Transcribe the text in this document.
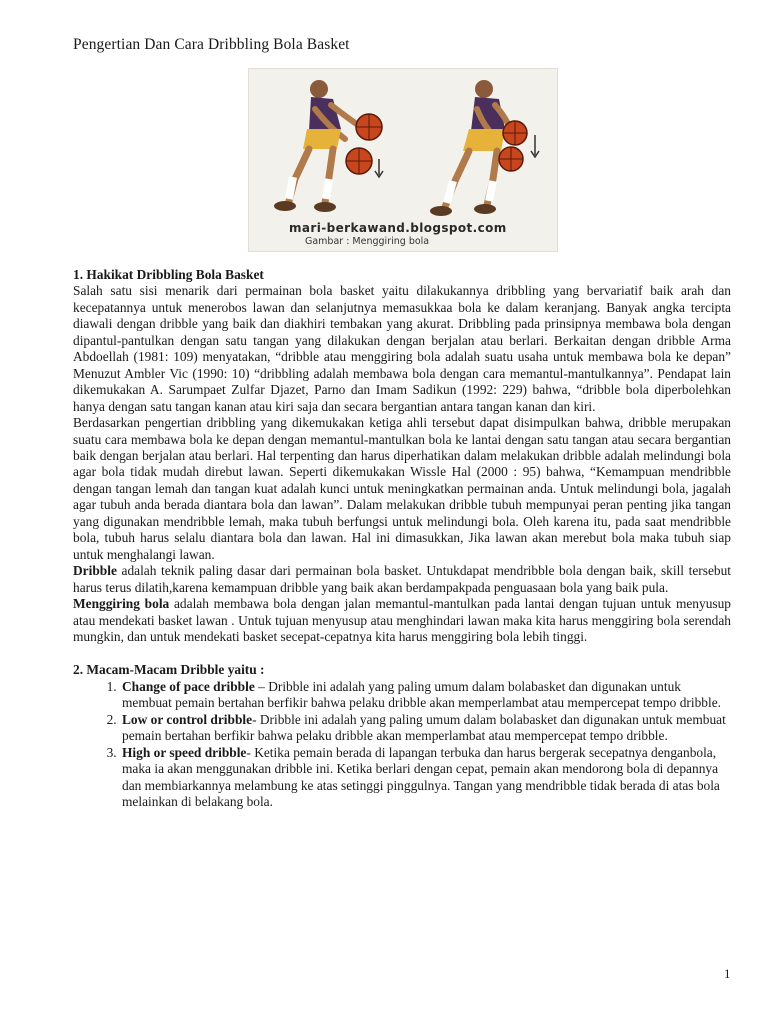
Pengertian Dan Cara Dribbling Bola Basket
mari-berkawand.blogspot.com
Gambar : Menggiring bola
1. Hakikat Dribbling Bola Basket

Salah satu sisi menarik dari permainan bola basket yaitu dilakukannya dribbling yang bervariatif baik arah dan kecepatannya untuk menerobos lawan dan selanjutnya memasukkaa bola ke dalam keranjang. Banyak angka tercipta diawali dengan dribble yang baik dan diakhiri tembakan yang akurat. Dribbling pada prinsipnya membawa bola dengan dipantul-pantulkan dengan satu tangan yang dilakukan dengan berjalan atau berlari. Berkaitan dengan dribble Arma Abdoellah (1981: 109) menyatakan, “dribble atau menggiring bola adalah suatu usaha untuk membawa bola ke depan” Menuzut Ambler Vic (1990: 10) “dribbling adalah membawa bola dengan cara memantul-mantulkannya”. Pendapat lain dikemukakan A. Sarumpaet Zulfar Djazet, Parno dan Imam Sadikun (1992: 229) bahwa, “dribble bola diperbolehkan hanya dengan satu tangan kanan atau kiri saja dan secara bergantian antara tangan kanan dan kiri.

Berdasarkan pengertian dribbling yang dikemukakan ketiga ahli tersebut dapat disimpulkan bahwa, dribble merupakan suatu cara membawa bola ke depan dengan memantul-mantulkan bola ke lantai dengan satu tangan atau secara bergantian baik dengan berjalan atau berlari. Hal terpenting dan harus diperhatikan dalam melakukan dribble adalah melindungi bola agar bola tidak mudah direbut lawan. Seperti dikemukakan Wissle Hal (2000 : 95) bahwa, “Kemampuan mendribble dengan tangan lemah dan tangan kuat adalah kunci untuk meningkatkan permainan anda. Untuk melindungi bola, jagalah agar tubuh anda berada diantara bola dan lawan”. Dalam melakukan dribble tubuh mempunyai peran penting jika tangan yang digunakan mendribble lemah, maka tubuh berfungsi untuk melindungi bola. Oleh karena itu, pada saat mendribble bola, tubuh harus selalu diantara bola dan lawan. Hal ini dimasukkan, Jika lawan akan merebut bola maka tubuh siap untuk menghalangi lawan.

Dribble adalah teknik paling dasar dari permainan bola basket. Untukdapat mendribble bola dengan baik, skill tersebut harus terus dilatih,karena kemampuan dribble yang baik akan berdampakpada penguasaan bola yang baik pula.

Menggiring bola adalah membawa bola dengan jalan memantul-mantulkan pada lantai dengan tujuan untuk menyusup atau mendekati basket lawan . Untuk tujuan menyusup atau menghindari lawan maka kita harus menggiring bola serendah mungkin, dan untuk mendekati basket secepat-cepatnya kita harus menggiring bola lebih tinggi.

2. Macam-Macam Dribble yaitu :
1. Change of pace dribble – Dribble ini adalah yang paling umum dalam bolabasket dan digunakan untuk membuat pemain bertahan berfikir bahwa pelaku dribble akan memperlambat atau mempercepat tempo dribble.
2. Low or control dribble- Dribble ini adalah yang paling umum dalam bolabasket dan digunakan untuk membuat pemain bertahan berfikir bahwa pelaku dribble akan memperlambat atau mempercepat tempo dribble.
3. High or speed dribble- Ketika pemain berada di lapangan terbuka dan harus bergerak secepatnya denganbola, maka ia akan menggunakan dribble ini. Ketika berlari dengan cepat, pemain akan mendorong bola di depannya dan membiarkannya melambung ke atas setinggi pinggulnya. Tangan yang mendribble tidak berada di atas bola melainkan di belakang bola.
1
